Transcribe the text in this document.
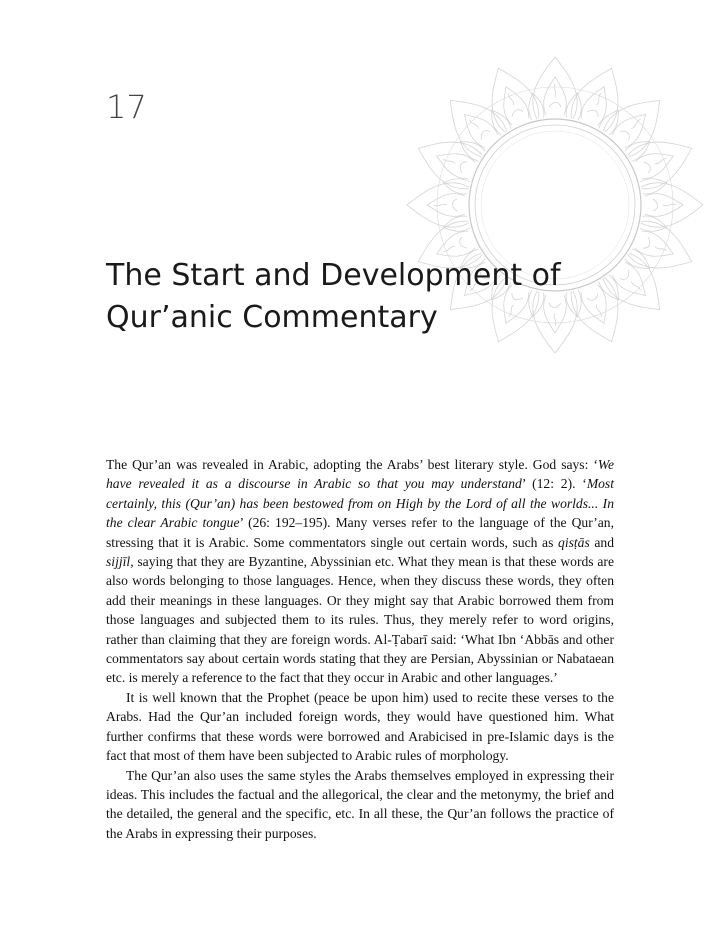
17
The Start and Development of
Qur’anic Commentary

The Qur’an was revealed in Arabic, adopting the Arabs’ best literary style. God says: ‘We have revealed it as a discourse in Arabic so that you may understand’ (12: 2). ‘Most certainly, this (Qur’an) has been bestowed from on High by the Lord of all the worlds... In the clear Arabic tongue’ (26: 192–195). Many verses refer to the language of the Qur’an, stressing that it is Arabic. Some commentators single out certain words, such as qisṭās and sijjīl, saying that they are Byzantine, Abyssinian etc. What they mean is that these words are also words belonging to those languages. Hence, when they discuss these words, they often add their meanings in these languages. Or they might say that Arabic borrowed them from those languages and subjected them to its rules. Thus, they merely refer to word origins, rather than claiming that they are foreign words. Al-Ṭabarī said: ‘What Ibn ‘Abbās and other commentators say about certain words stating that they are Persian, Abyssinian or Nabataean etc. is merely a reference to the fact that they occur in Arabic and other languages.’

It is well known that the Prophet (peace be upon him) used to recite these verses to the Arabs. Had the Qur’an included foreign words, they would have questioned him. What further confirms that these words were borrowed and Arabicised in pre-Islamic days is the fact that most of them have been subjected to Arabic rules of morphology.

The Qur’an also uses the same styles the Arabs themselves employed in expressing their ideas. This includes the factual and the allegorical, the clear and the metonymy, the brief and the detailed, the general and the specific, etc. In all these, the Qur’an follows the practice of the Arabs in expressing their purposes.
